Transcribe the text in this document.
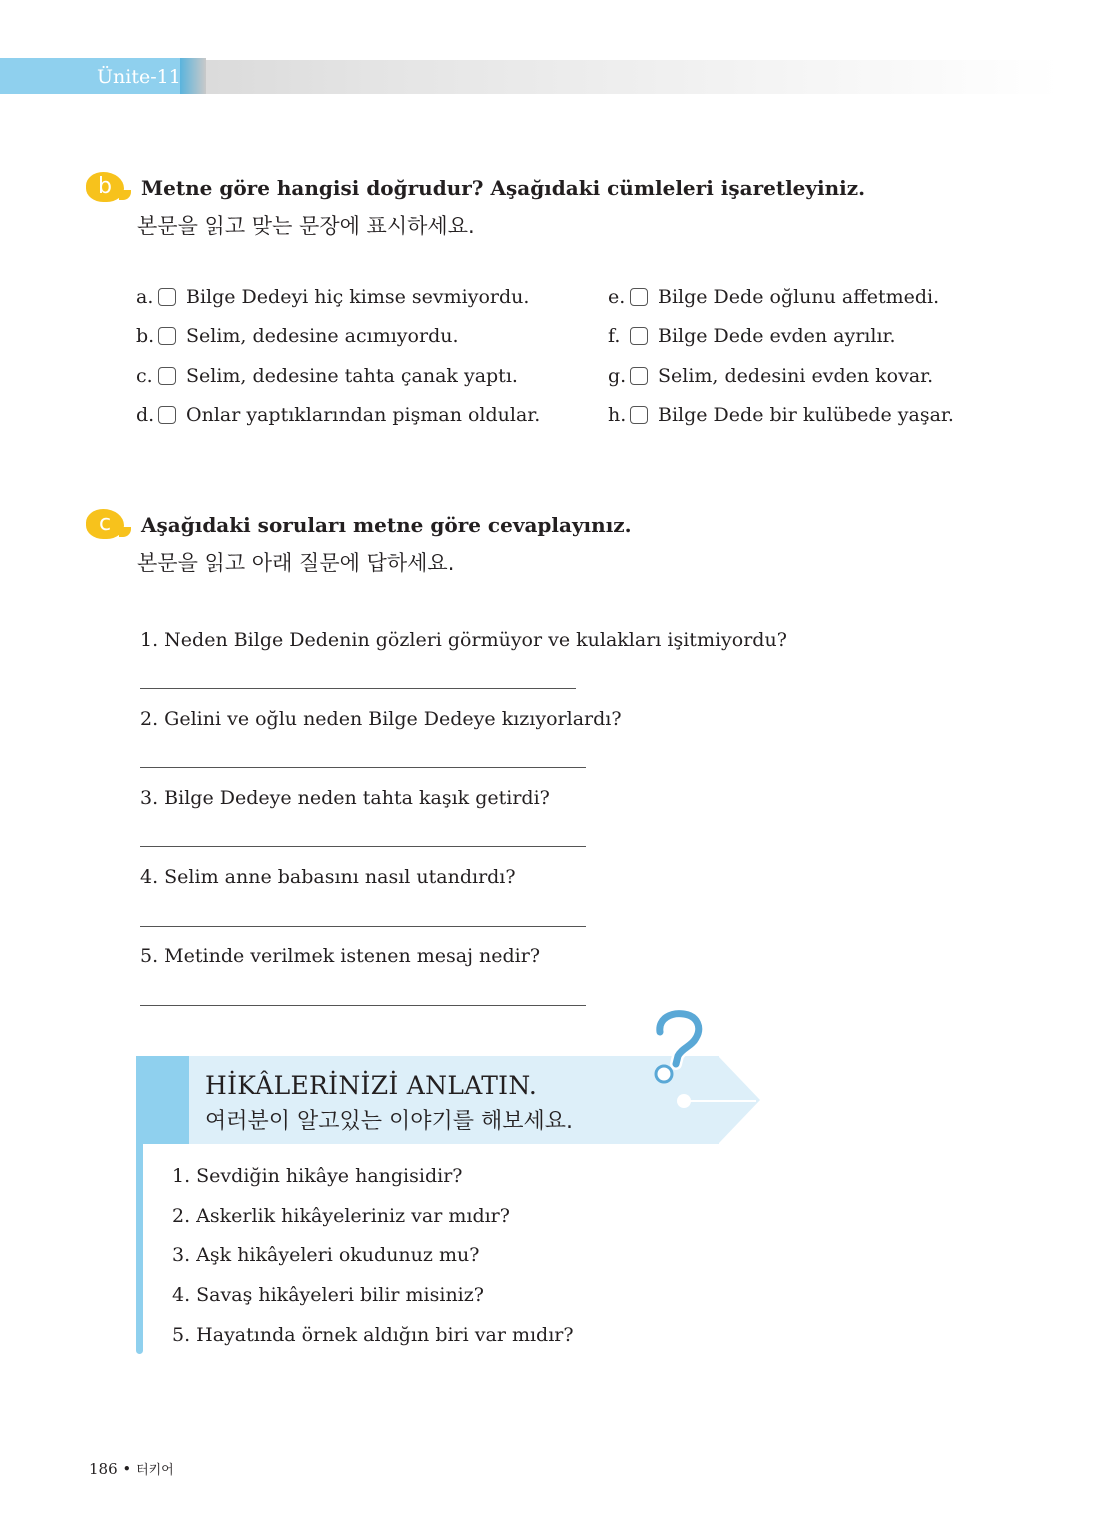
Ünite-11
b	Metne göre hangisi doğrudur? Aşağıdaki cümleleri işaretleyiniz.
본문을 읽고 맞는 문장에 표시하세요.
a. Bilge Dedeyi hiç kimse sevmiyordu.
b. Selim, dedesine acımıyordu.
c. Selim, dedesine tahta çanak yaptı.
d. Onlar yaptıklarından pişman oldular.
e. Bilge Dede oğlunu affetmedi.
f.	Bilge Dede evden ayrılır.
g. Selim, dedesini evden kovar.
h. Bilge Dede bir kulübede yaşar.
c	Aşağıdaki soruları metne göre cevaplayınız.
본문을 읽고 아래 질문에 답하세요.
1. Neden Bilge Dedenin gözleri görmüyor ve kulakları işitmiyordu?
2. Gelini ve oğlu neden Bilge Dedeye kızıyorlardı?
3. Bilge Dedeye neden tahta kaşık getirdi?
4. Selim anne babasını nasıl utandırdı?
5. Metinde verilmek istenen mesaj nedir?
HİKÂLERİNİZİ ANLATIN.
여러분이 알고있는 이야기를 해보세요.
1. Sevdiğin hikâye hangisidir?
2. Askerlik hikâyeleriniz var mıdır?
3. Aşk hikâyeleri okudunuz mu?
4. Savaş hikâyeleri bilir misiniz?
5. Hayatında örnek aldığın biri var mıdır?
186 • 터키어
